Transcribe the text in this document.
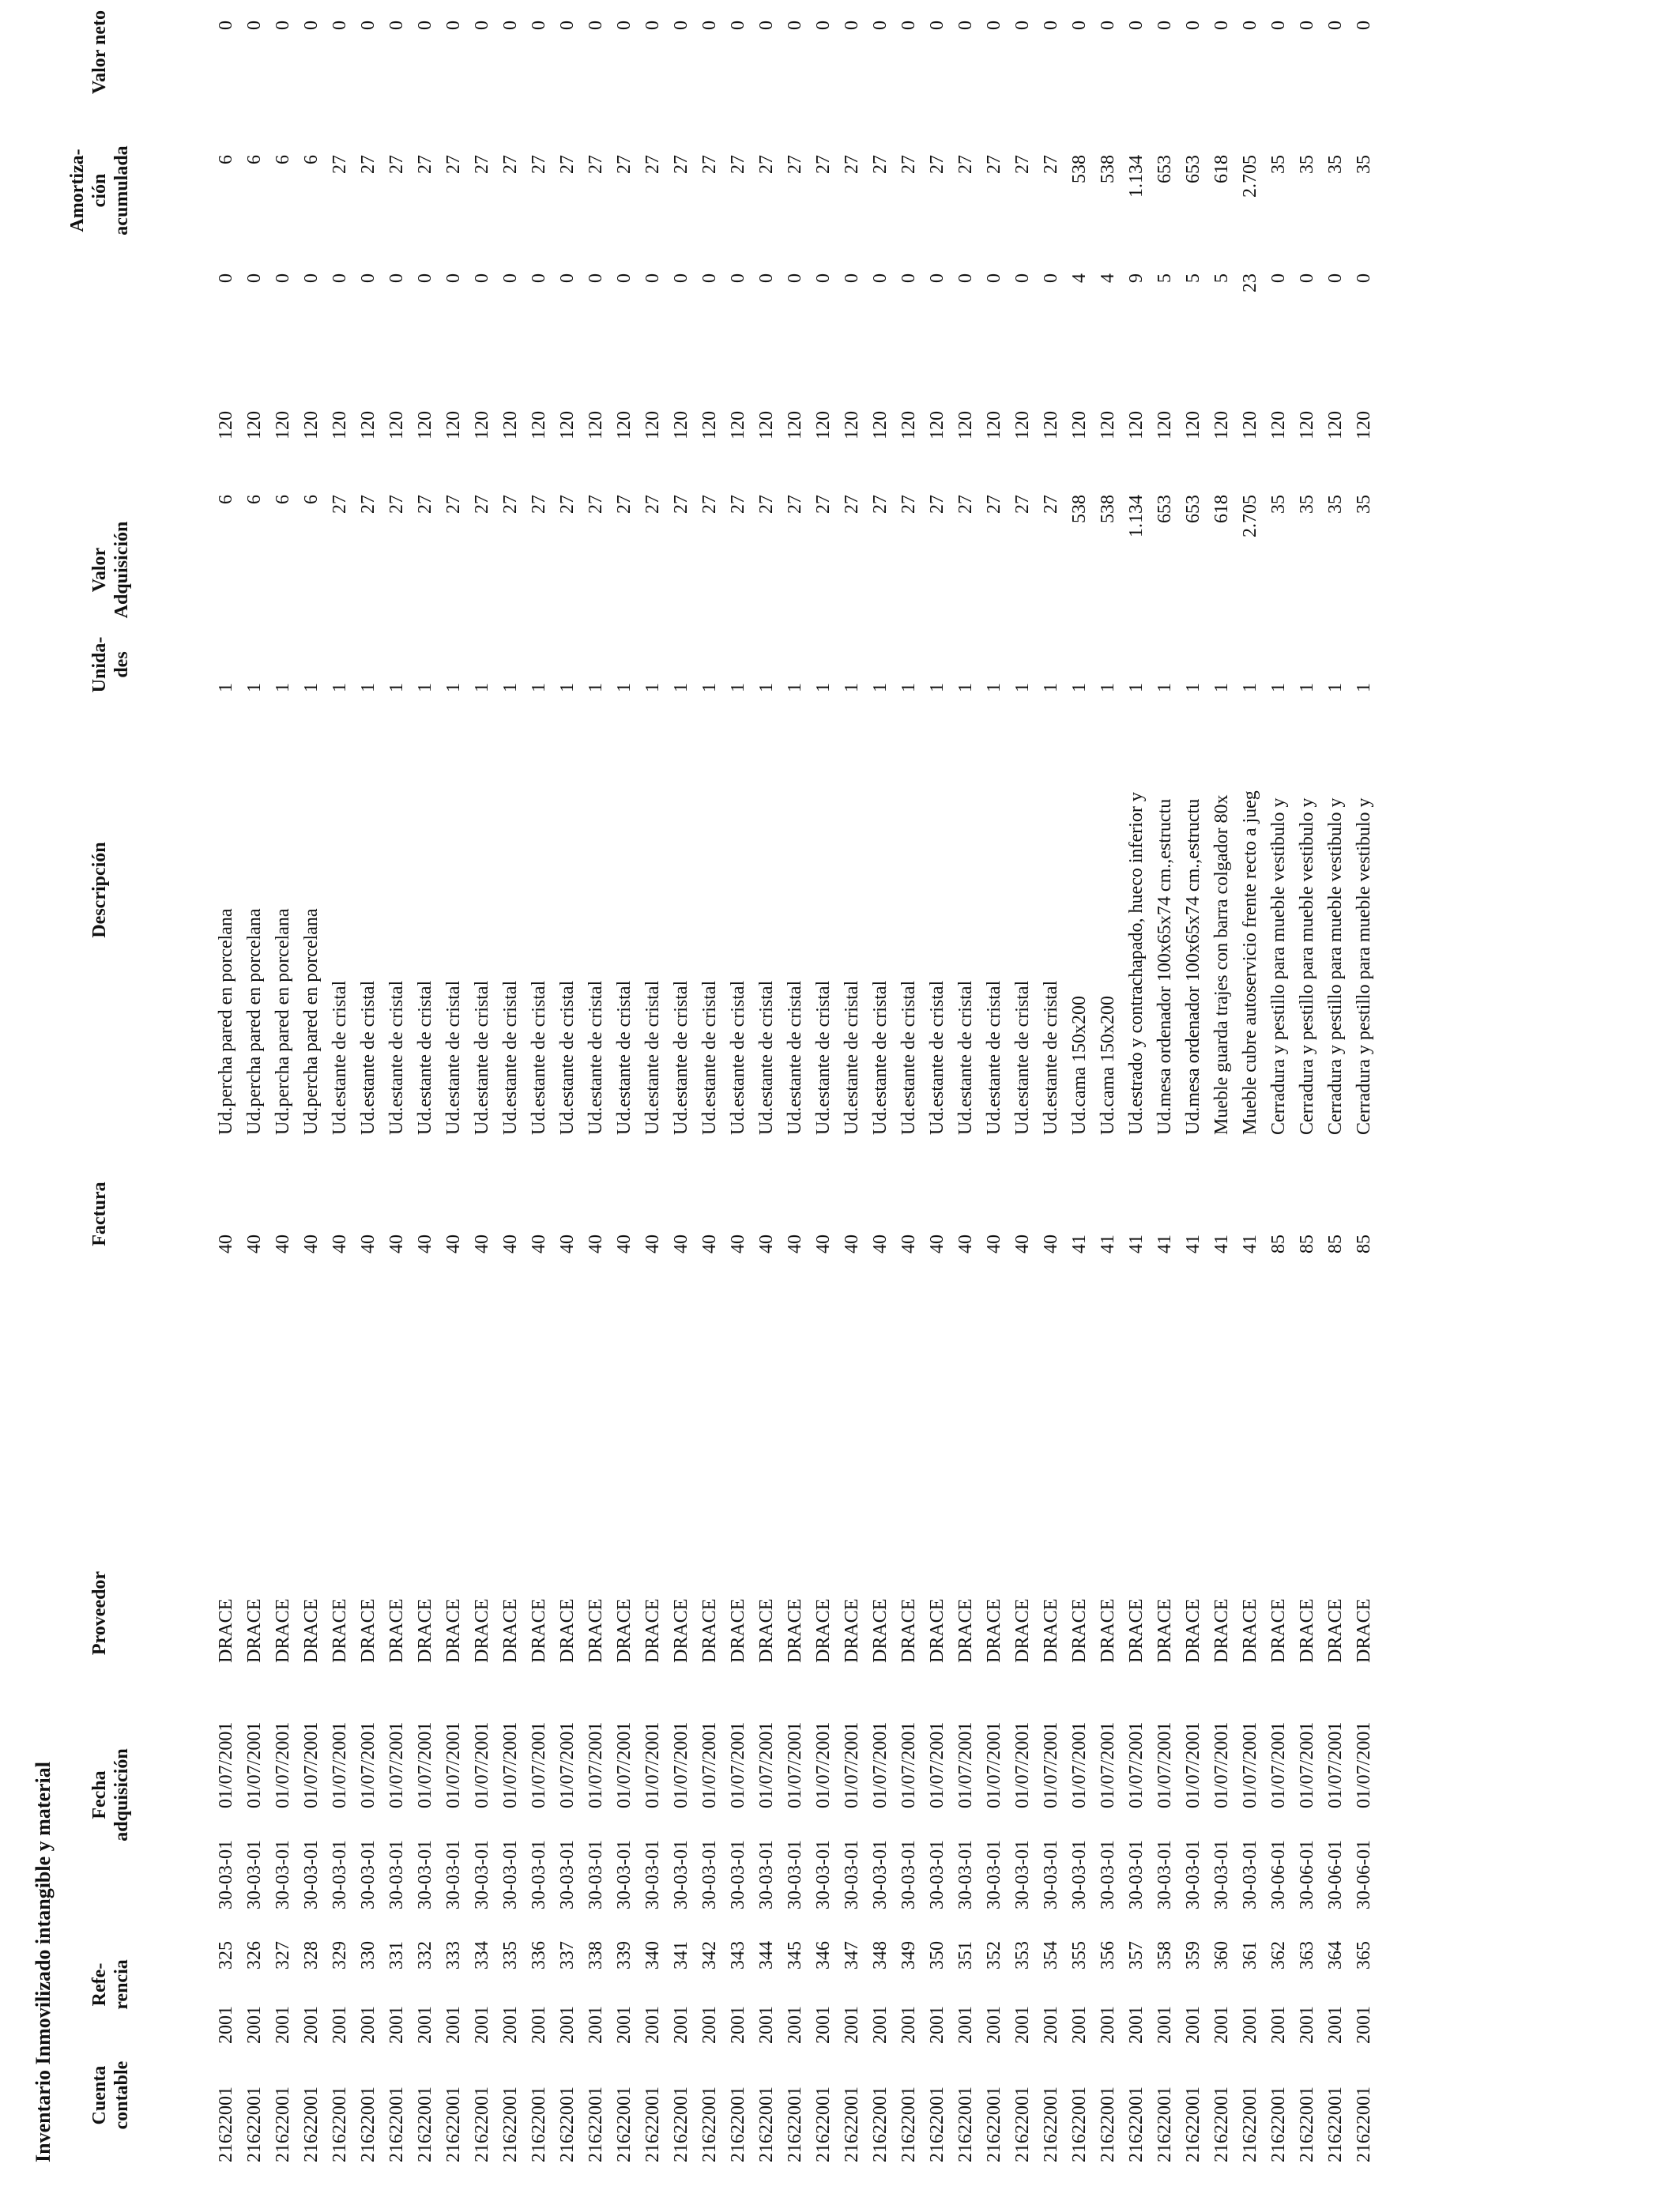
Inventario Inmovilizado intangible y material Cuenta
contable
Refe-
rencia
Fecha
adquisición
Proveedor
Factura
Descripción
Unida-
des
Valor
Adquisición
Amortiza-
ción
acumulada
Valor neto
21622001
2001
325
30-03-01
01/07/2001
DRACE
40
Ud.percha pared en porcelana
1
6
120
0
6
0
21622001
2001
326
30-03-01
01/07/2001
DRACE
40
Ud.percha pared en porcelana
1
6
120
0
6
0
21622001
2001
327
30-03-01
01/07/2001
DRACE
40
Ud.percha pared en porcelana
1
6
120
0
6
0
21622001
2001
328
30-03-01
01/07/2001
DRACE
40
Ud.percha pared en porcelana
1
6
120
0
6
0
21622001
2001
329
30-03-01
01/07/2001
DRACE
40
Ud.estante de cristal
1
27
120
0
27
0
21622001
2001
330
30-03-01
01/07/2001
DRACE
40
Ud.estante de cristal
1
27
120
0
27
0
21622001
2001
331
30-03-01
01/07/2001
DRACE
40
Ud.estante de cristal
1
27
120
0
27
0
21622001
2001
332
30-03-01
01/07/2001
DRACE
40
Ud.estante de cristal
1
27
120
0
27
0
21622001
2001
333
30-03-01
01/07/2001
DRACE
40
Ud.estante de cristal
1
27
120
0
27
0
21622001
2001
334
30-03-01
01/07/2001
DRACE
40
Ud.estante de cristal
1
27
120
0
27
0
21622001
2001
335
30-03-01
01/07/2001
DRACE
40
Ud.estante de cristal
1
27
120
0
27
0
21622001
2001
336
30-03-01
01/07/2001
DRACE
40
Ud.estante de cristal
1
27
120
0
27
0
21622001
2001
337
30-03-01
01/07/2001
DRACE
40
Ud.estante de cristal
1
27
120
0
27
0
21622001
2001
338
30-03-01
01/07/2001
DRACE
40
Ud.estante de cristal
1
27
120
0
27
0
21622001
2001
339
30-03-01
01/07/2001
DRACE
40
Ud.estante de cristal
1
27
120
0
27
0
21622001
2001
340
30-03-01
01/07/2001
DRACE
40
Ud.estante de cristal
1
27
120
0
27
0
21622001
2001
341
30-03-01
01/07/2001
DRACE
40
Ud.estante de cristal
1
27
120
0
27
0
21622001
2001
342
30-03-01
01/07/2001
DRACE
40
Ud.estante de cristal
1
27
120
0
27
0
21622001
2001
343
30-03-01
01/07/2001
DRACE
40
Ud.estante de cristal
1
27
120
0
27
0
21622001
2001
344
30-03-01
01/07/2001
DRACE
40
Ud.estante de cristal
1
27
120
0
27
0
21622001
2001
345
30-03-01
01/07/2001
DRACE
40
Ud.estante de cristal
1
27
120
0
27
0
21622001
2001
346
30-03-01
01/07/2001
DRACE
40
Ud.estante de cristal
1
27
120
0
27
0
21622001
2001
347
30-03-01
01/07/2001
DRACE
40
Ud.estante de cristal
1
27
120
0
27
0
21622001
2001
348
30-03-01
01/07/2001
DRACE
40
Ud.estante de cristal
1
27
120
0
27
0
21622001
2001
349
30-03-01
01/07/2001
DRACE
40
Ud.estante de cristal
1
27
120
0
27
0
21622001
2001
350
30-03-01
01/07/2001
DRACE
40
Ud.estante de cristal
1
27
120
0
27
0
21622001
2001
351
30-03-01
01/07/2001
DRACE
40
Ud.estante de cristal
1
27
120
0
27
0
21622001
2001
352
30-03-01
01/07/2001
DRACE
40
Ud.estante de cristal
1
27
120
0
27
0
21622001
2001
353
30-03-01
01/07/2001
DRACE
40
Ud.estante de cristal
1
27
120
0
27
0
21622001
2001
354
30-03-01
01/07/2001
DRACE
40
Ud.estante de cristal
1
27
120
0
27
0
21622001
2001
355
30-03-01
01/07/2001
DRACE
41
Ud.cama 150x200
1
538
120
4
538
0
21622001
2001
356
30-03-01
01/07/2001
DRACE
41
Ud.cama 150x200
1
538
120
4
538
0
21622001
2001
357
30-03-01
01/07/2001
DRACE
41
Ud.estrado y contrachapado, hueco inferior y
1
1.134
120
9
1.134
0
21622001
2001
358
30-03-01
01/07/2001
DRACE
41
Ud.mesa ordenador 100x65x74 cm.,estructu
1
653
120
5
653
0
21622001
2001
359
30-03-01
01/07/2001
DRACE
41
Ud.mesa ordenador 100x65x74 cm.,estructu
1
653
120
5
653
0
21622001
2001
360
30-03-01
01/07/2001
DRACE
41
Mueble guarda trajes con barra colgador 80x
1
618
120
5
618
0
21622001
2001
361
30-03-01
01/07/2001
DRACE
41
Mueble cubre autoservicio frente recto a jueg
1
2.705
120
23
2.705
0
21622001
2001
362
30-06-01
01/07/2001
DRACE
85
Cerradura y pestillo para mueble vestibulo y
1
35
120
0
35
0
21622001
2001
363
30-06-01
01/07/2001
DRACE
85
Cerradura y pestillo para mueble vestibulo y
1
35
120
0
35
0
21622001
2001
364
30-06-01
01/07/2001
DRACE
85
Cerradura y pestillo para mueble vestibulo y
1
35
120
0
35
0
21622001
2001
365
30-06-01
01/07/2001
DRACE
85
Cerradura y pestillo para mueble vestibulo y
1
35
120
0
35
0
